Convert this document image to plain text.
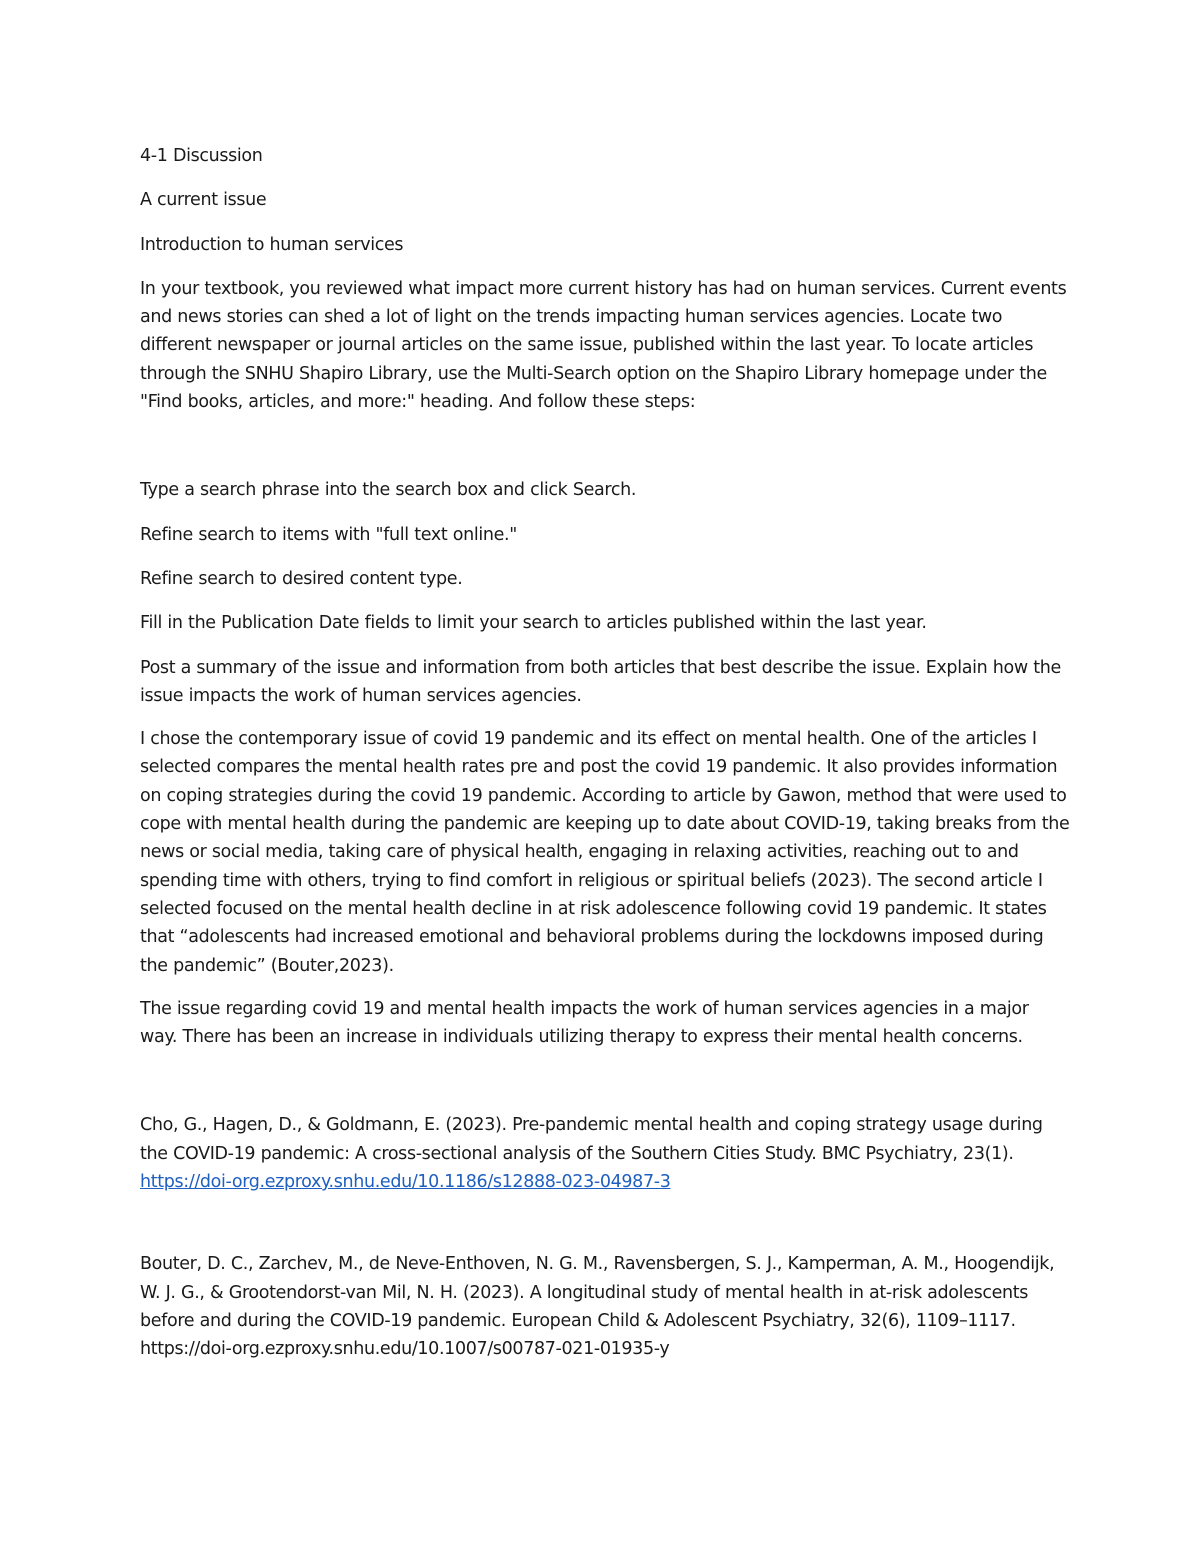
4-1 Discussion

A current issue

Introduction to human services

In your textbook, you reviewed what impact more current history has had on human services. Current events and news stories can shed a lot of light on the trends impacting human services agencies. Locate two different newspaper or journal articles on the same issue, published within the last year. To locate articles through the SNHU Shapiro Library, use the Multi-Search option on the Shapiro Library homepage under the "Find books, articles, and more:" heading. And follow these steps:

Type a search phrase into the search box and click Search.

Refine search to items with "full text online."

Refine search to desired content type.

Fill in the Publication Date fields to limit your search to articles published within the last year.

Post a summary of the issue and information from both articles that best describe the issue. Explain how the issue impacts the work of human services agencies.

I chose the contemporary issue of covid 19 pandemic and its effect on mental health. One of the articles I selected compares the mental health rates pre and post the covid 19 pandemic. It also provides information on coping strategies during the covid 19 pandemic. According to article by Gawon, method that were used to cope with mental health during the pandemic are keeping up to date about COVID-19, taking breaks from the news or social media, taking care of physical health, engaging in relaxing activities, reaching out to and spending time with others, trying to find comfort in religious or spiritual beliefs (2023). The second article I selected focused on the mental health decline in at risk adolescence following covid 19 pandemic. It states that “adolescents had increased emotional and behavioral problems during the lockdowns imposed during the pandemic” (Bouter,2023).

The issue regarding covid 19 and mental health impacts the work of human services agencies in a major way. There has been an increase in individuals utilizing therapy to express their mental health concerns.

Cho, G., Hagen, D., & Goldmann, E. (2023). Pre-pandemic mental health and coping strategy usage during the COVID-19 pandemic: A cross-sectional analysis of the Southern Cities Study. BMC Psychiatry, 23(1). https://doi-org.ezproxy.snhu.edu/10.1186/s12888-023-04987-3

Bouter, D. C., Zarchev, M., de Neve-Enthoven, N. G. M., Ravensbergen, S. J., Kamperman, A. M., Hoogendijk, W. J. G., & Grootendorst-van Mil, N. H. (2023). A longitudinal study of mental health in at-risk adolescents before and during the COVID-19 pandemic. European Child & Adolescent Psychiatry, 32(6), 1109–1117. https://doi-org.ezproxy.snhu.edu/10.1007/s00787-021-01935-y
